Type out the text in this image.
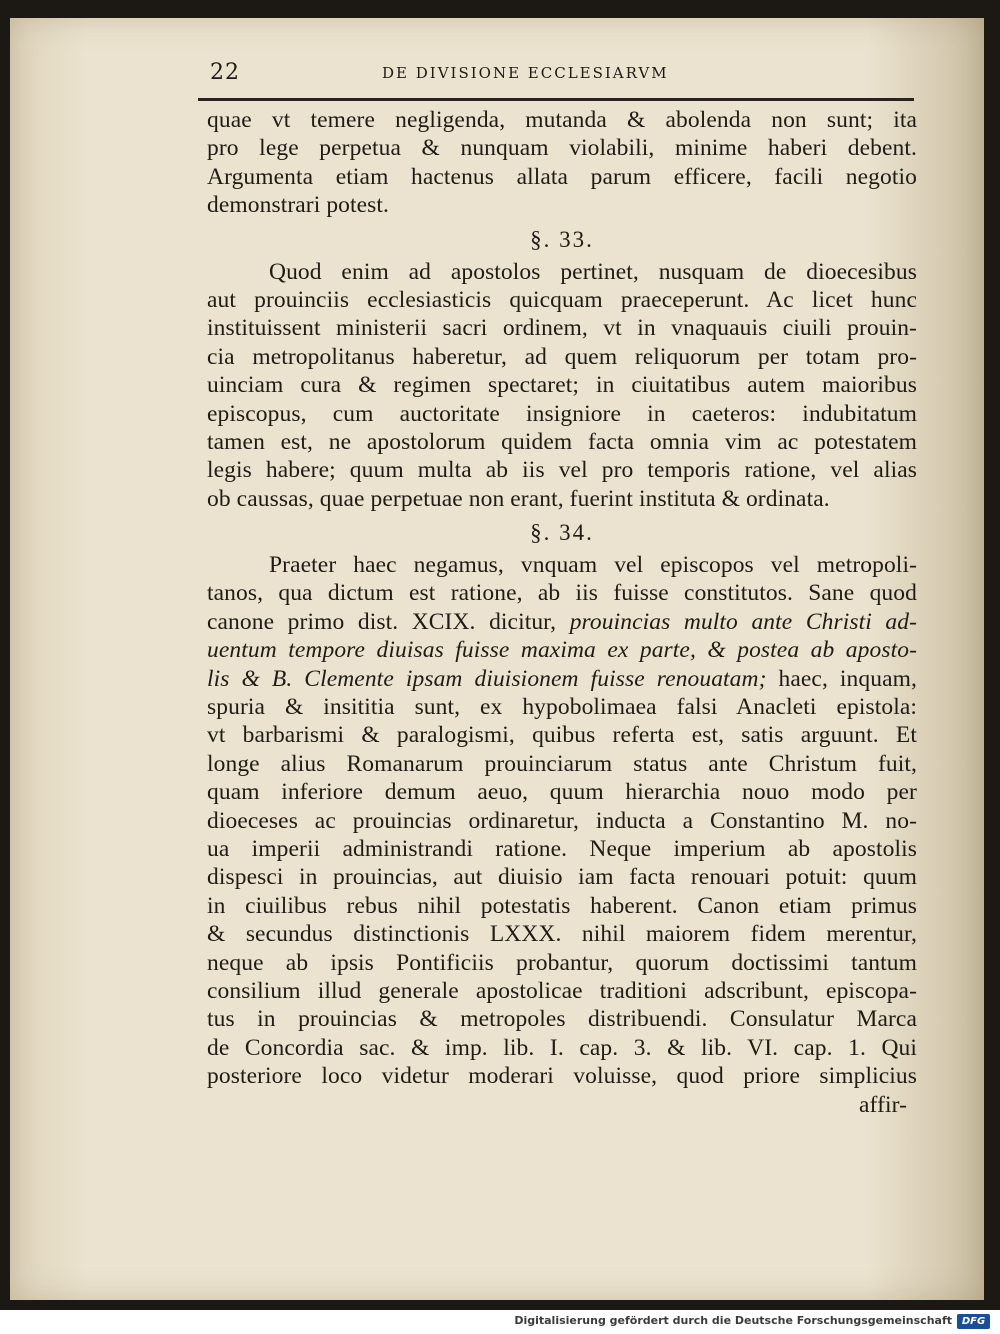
22	DE DIVISIONE ECCLESIARVM
quae vt temere negligenda, mutanda & abolenda non sunt; ita
pro lege perpetua & nunquam violabili, minime haberi debent.
Argumenta etiam hactenus allata parum efficere, facili negotio
demonstrari potest.
§. 33.
Quod enim ad apostolos pertinet, nusquam de dioecesibus
aut prouinciis ecclesiasticis quicquam praeceperunt. Ac licet hunc
instituissent ministerii sacri ordinem, vt in vnaquauis ciuili prouin-
cia metropolitanus haberetur, ad quem reliquorum per totam pro-
uinciam cura & regimen spectaret; in ciuitatibus autem maioribus
episcopus, cum auctoritate insigniore in caeteros: indubitatum
tamen est, ne apostolorum quidem facta omnia vim ac potestatem
legis habere; quum multa ab iis vel pro temporis ratione, vel alias
ob caussas, quae perpetuae non erant, fuerint instituta & ordinata.
§. 34.
Praeter haec negamus, vnquam vel episcopos vel metropoli-
tanos, qua dictum est ratione, ab iis fuisse constitutos. Sane quod
canone primo dist. XCIX. dicitur, prouincias multo ante Christi ad-
uentum tempore diuisas fuisse maxima ex parte, & postea ab aposto-
lis & B. Clemente ipsam diuisionem fuisse renouatam; haec, inquam,
spuria & insititia sunt, ex hypobolimaea falsi Anacleti epistola:
vt barbarismi & paralogismi, quibus referta est, satis arguunt. Et
longe alius Romanarum prouinciarum status ante Christum fuit,
quam inferiore demum aeuo, quum hierarchia nouo modo per
dioeceses ac prouincias ordinaretur, inducta a Constantino M. no-
ua imperii administrandi ratione. Neque imperium ab apostolis
dispesci in prouincias, aut diuisio iam facta renouari potuit: quum
in ciuilibus rebus nihil potestatis haberent. Canon etiam primus
& secundus distinctionis LXXX. nihil maiorem fidem merentur,
neque ab ipsis Pontificiis probantur, quorum doctissimi tantum
consilium illud generale apostolicae traditioni adscribunt, episcopa-
tus in prouincias & metropoles distribuendi. Consulatur Marca
de Concordia sac. & imp. lib. I. cap. 3. & lib. VI. cap. 1. Qui
posteriore loco videtur moderari voluisse, quod priore simplicius
affir-
Digitalisierung gefördert durch die Deutsche Forschungsgemeinschaft DFG
